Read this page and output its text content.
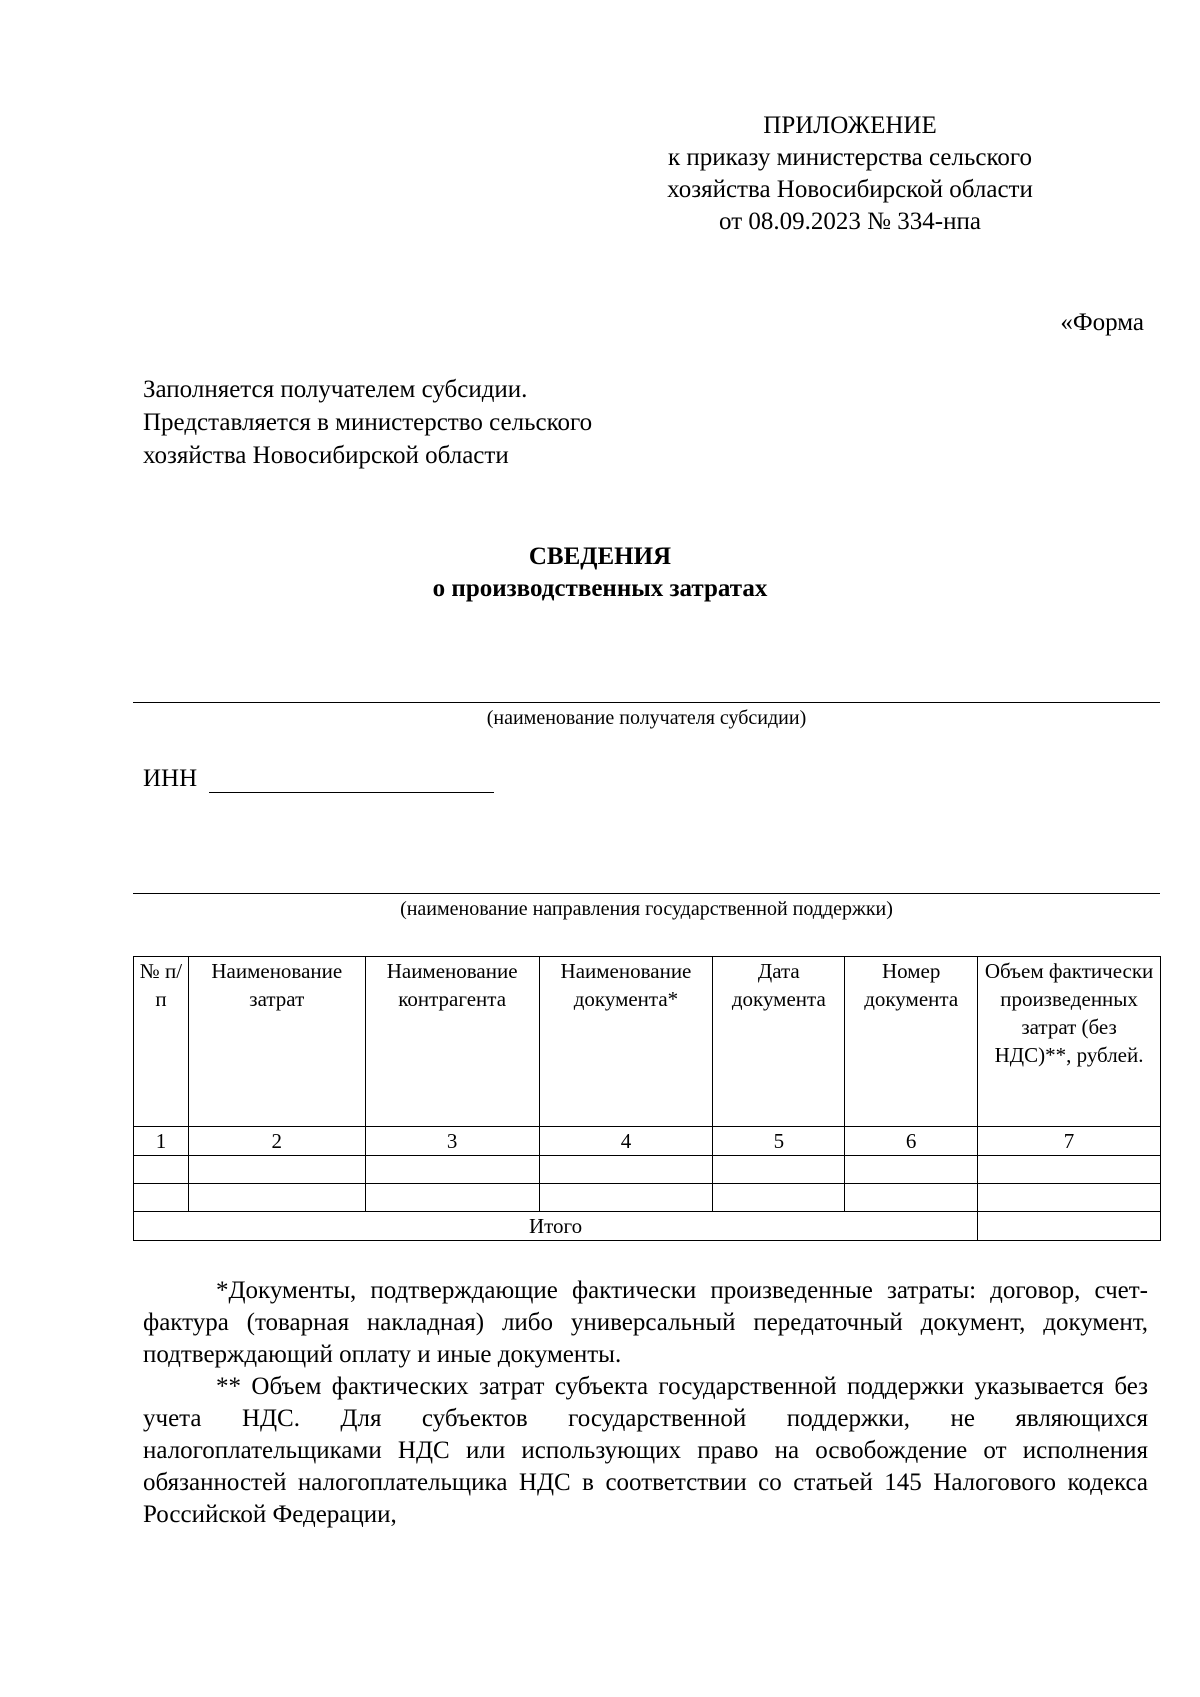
ПРИЛОЖЕНИЕ
к приказу министерства сельского
хозяйства Новосибирской области
от 08.09.2023 № 334-нпа
«Форма
Заполняется получателем субсидии.
Представляется в министерство сельского
хозяйства Новосибирской области
СВЕДЕНИЯ
о производственных затратах
(наименование получателя субсидии)
ИНН
(наименование направления государственной поддержки)
№ п/п	Наименование затрат	Наименование контрагента	Наименование документа*	Дата документа	Номер документа	Объем фактически произведенных затрат (без НДС)**, рублей.
1	2	3	4	5	6	7

Итого						

*Документы, подтверждающие фактически произведенные затраты: договор, счет-фактура (товарная накладная) либо универсальный передаточный документ, документ, подтверждающий оплату и иные документы.

** Объем фактических затрат субъекта государственной поддержки указывается без учета НДС. Для субъектов государственной поддержки, не являющихся налогоплательщиками НДС или использующих право на освобождение от исполнения обязанностей налогоплательщика НДС в соответствии со статьей 145 Налогового кодекса Российской Федерации,
